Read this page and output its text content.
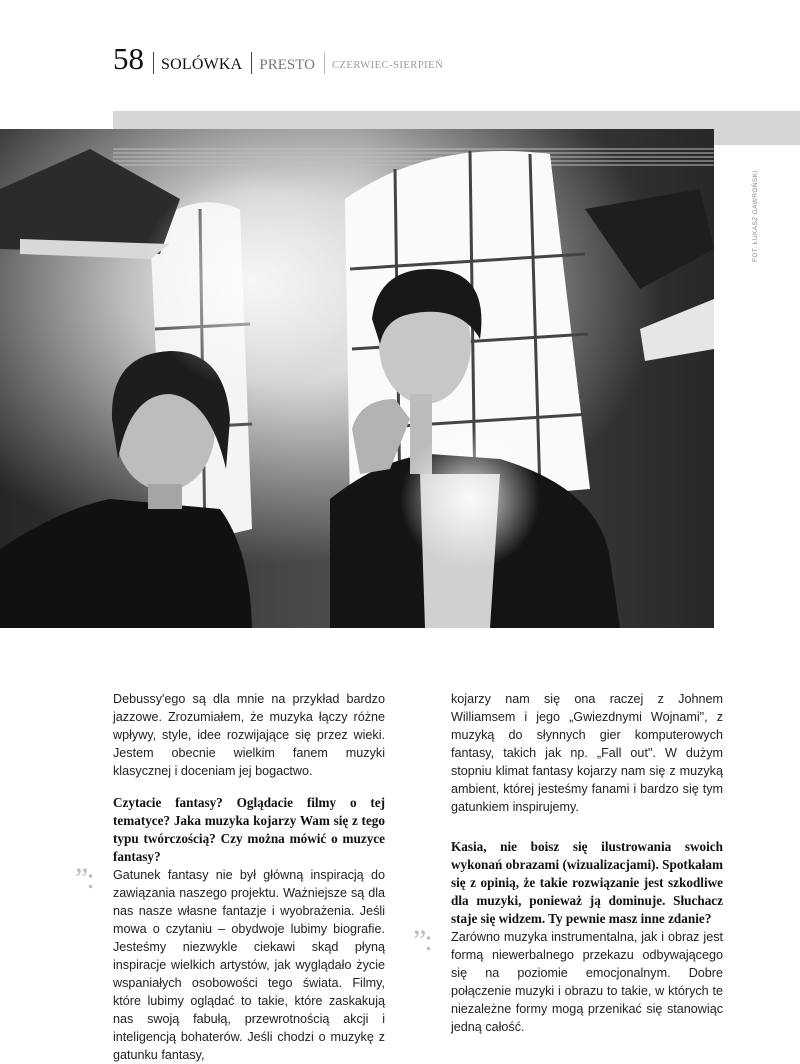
58 SOLÓWKA PRESTO CZERWIEC-SIERPIEŃ
FOT. ŁUKASZ GAWROŃSKI

Debussy'ego są dla mnie na przykład bardzo jazzowe. Zrozumiałem, że muzyka łączy różne wpływy, style, idee rozwijające się przez wieki. Jestem obecnie wielkim fanem muzyki klasycznej i doceniam jej bogactwo.

Czytacie fantasy? Oglądacie filmy o tej tematyce? Jaka muzyka kojarzy Wam się z tego typu twórczością? Czy można mówić o muzyce fantasy?

”: Gatunek fantasy nie był główną inspiracją do zawiązania naszego projektu. Ważniejsze są dla nas nasze własne fantazje i wyobrażenia. Jeśli mowa o czytaniu – obydwoje lubimy biografie. Jesteśmy niezwykle ciekawi skąd płyną inspiracje wielkich artystów, jak wyglądało życie wspaniałych osobowości tego świata. Filmy, które lubimy oglądać to takie, które zaskakują nas swoją fabułą, przewrotnością akcji i inteligencją bohaterów. Jeśli chodzi o muzykę z gatunku fantasy,

kojarzy nam się ona raczej z Johnem Williamsem i jego „Gwiezdnymi Wojnami", z muzyką do słynnych gier komputerowych fantasy, takich jak np. „Fall out". W dużym stopniu klimat fantasy kojarzy nam się z muzyką ambient, której jesteśmy fanami i bardzo się tym gatunkiem inspirujemy.

Kasia, nie boisz się ilustrowania swoich wykonań obrazami (wizualizacjami). Spotkałam się z opinią, że takie rozwiązanie jest szkodliwe dla muzyki, ponieważ ją dominuje. Słuchacz staje się widzem. Ty pewnie masz inne zdanie?

”: Zarówno muzyka instrumentalna, jak i obraz jest formą niewerbalnego przekazu odbywającego się na poziomie emocjonalnym. Dobre połączenie muzyki i obrazu to takie, w których te niezależne formy mogą przenikać się stanowiąc jedną całość.
